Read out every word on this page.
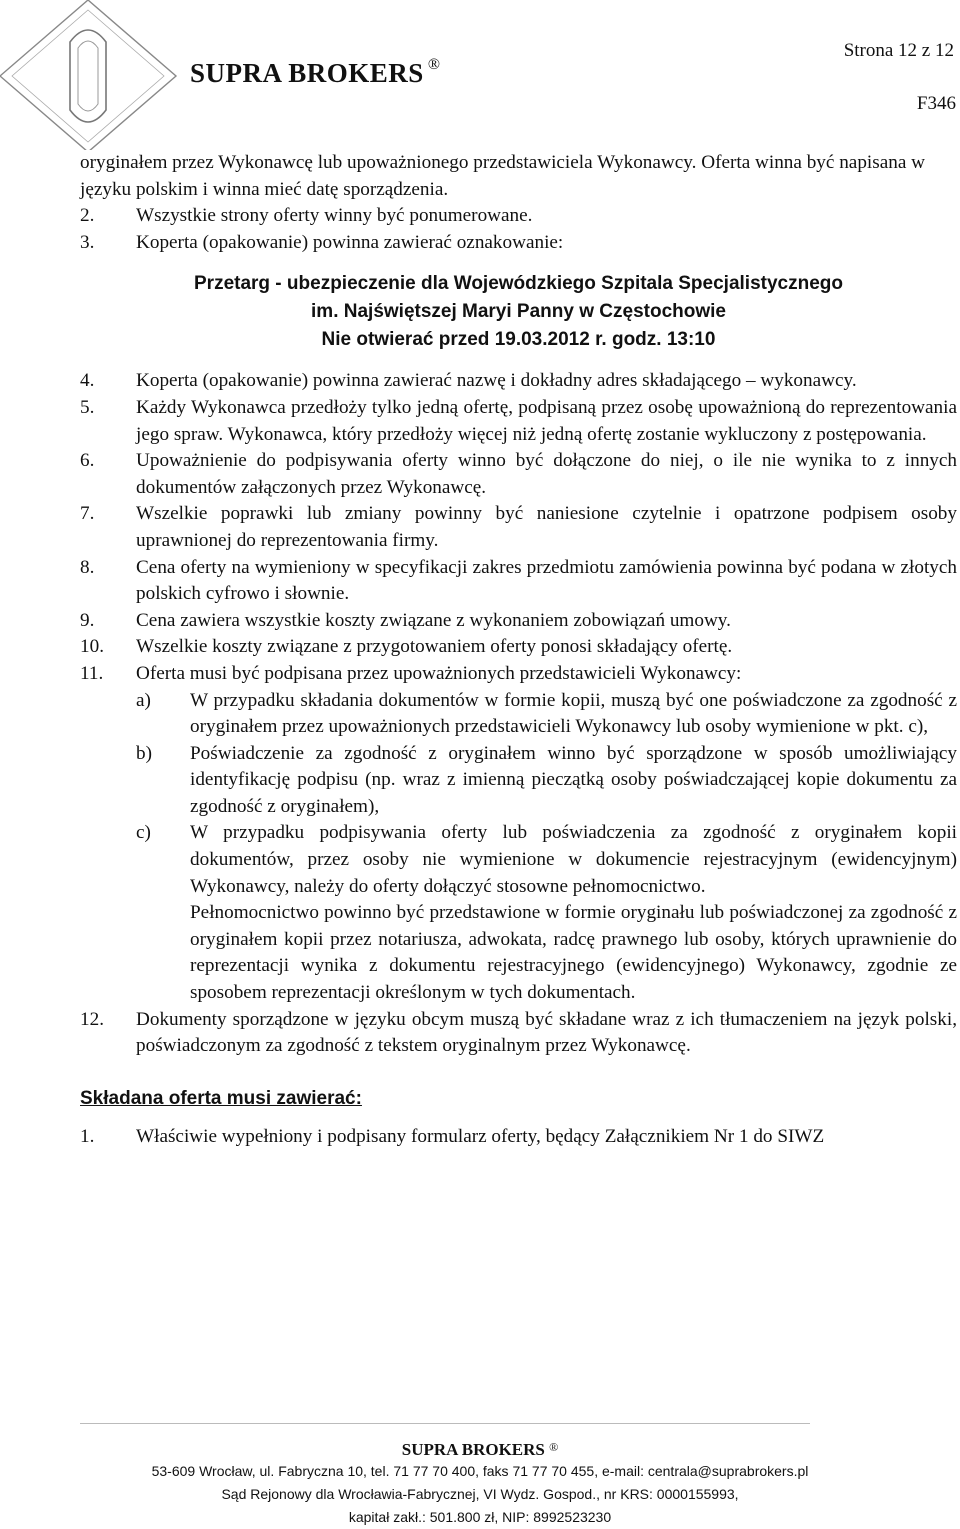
SUPRA BROKERS ®
Strona 12 z 12
F346

oryginałem przez Wykonawcę lub upoważnionego przedstawiciela Wykonawcy. Oferta winna być napisana w języku polskim i winna mieć datę sporządzenia.

2.	Wszystkie strony oferty winny być ponumerowane.
3.	Koperta (opakowanie) powinna zawierać oznakowanie:
Przetarg - ubezpieczenie dla Wojewódzkiego Szpitala Specjalistycznego
im. Najświętszej Maryi Panny w Częstochowie
Nie otwierać przed 19.03.2012 r. godz. 13:10
4.	Koperta (opakowanie) powinna zawierać nazwę i dokładny adres składającego – wykonawcy.
5.	Każdy Wykonawca przedłoży tylko jedną ofertę, podpisaną przez osobę upoważnioną do reprezentowania jego spraw. Wykonawca, który przedłoży więcej niż jedną ofertę zostanie wykluczony z postępowania.
6.	Upoważnienie do podpisywania oferty winno być dołączone do niej, o ile nie wynika to z innych dokumentów załączonych przez Wykonawcę.
7.	Wszelkie poprawki lub zmiany powinny być naniesione czytelnie i opatrzone podpisem osoby uprawnionej do reprezentowania firmy.
8.	Cena oferty na wymieniony w specyfikacji zakres przedmiotu zamówienia powinna być podana w złotych polskich cyfrowo i słownie.
9.	Cena zawiera wszystkie koszty związane z wykonaniem zobowiązań umowy.
10.	Wszelkie koszty związane z przygotowaniem oferty ponosi składający ofertę.
11.	Oferta musi być podpisana przez upoważnionych przedstawicieli Wykonawcy:
a)	W przypadku składania dokumentów w formie kopii, muszą być one poświadczone za zgodność z oryginałem przez upoważnionych przedstawicieli Wykonawcy lub osoby wymienione w pkt. c),
b)	Poświadczenie za zgodność z oryginałem winno być sporządzone w sposób umożliwiający identyfikację podpisu (np. wraz z imienną pieczątką osoby poświadczającej kopie dokumentu za zgodność z oryginałem),
c)	W przypadku podpisywania oferty lub poświadczenia za zgodność z oryginałem kopii dokumentów, przez osoby nie wymienione w dokumencie rejestracyjnym (ewidencyjnym) Wykonawcy, należy do oferty dołączyć stosowne pełnomocnictwo.
Pełnomocnictwo powinno być przedstawione w formie oryginału lub poświadczonej za zgodność z oryginałem kopii przez notariusza, adwokata, radcę prawnego lub osoby, których uprawnienie do reprezentacji wynika z dokumentu rejestracyjnego (ewidencyjnego) Wykonawcy, zgodnie ze sposobem reprezentacji określonym w tych dokumentach.
12.	Dokumenty sporządzone w języku obcym muszą być składane wraz z ich tłumaczeniem na język polski, poświadczonym za zgodność z tekstem oryginalnym przez Wykonawcę.
Składana oferta musi zawierać:
1.	Właściwie wypełniony i podpisany formularz oferty, będący Załącznikiem Nr 1 do SIWZ
SUPRA BROKERS ®
53-609 Wrocław, ul. Fabryczna 10, tel. 71 77 70 400, faks 71 77 70 455, e-mail: centrala@suprabrokers.pl
Sąd Rejonowy dla Wrocławia-Fabrycznej, VI Wydz. Gospod., nr KRS: 0000155993,
kapitał zakł.: 501.800 zł, NIP: 8992523230
